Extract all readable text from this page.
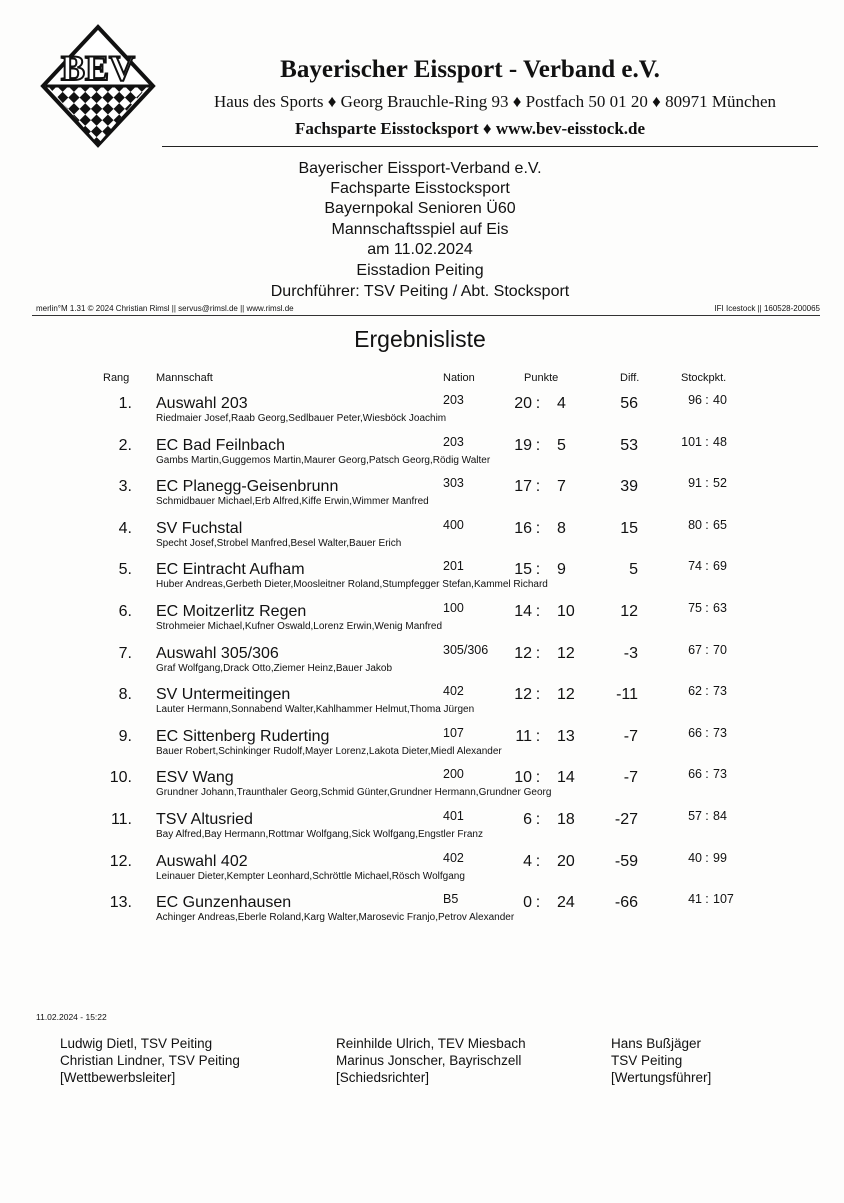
BEV	Bayerischer Eissport - Verband e.V.
Haus des Sports ♦ Georg Brauchle-Ring 93 ♦ Postfach 50 01 20 ♦ 80971 München
Fachsparte Eisstocksport ♦ www.bev-eisstock.de
Bayerischer Eissport-Verband e.V.
Fachsparte Eisstocksport
Bayernpokal Senioren Ü60
Mannschaftsspiel auf Eis
am 11.02.2024
Eisstadion Peiting
Durchführer: TSV Peiting / Abt. Stocksport
merlin°M 1.31 © 2024 Christian Rimsl || servus@rimsl.de || www.rimsl.de	IFI Icestock || 160528-200065
Ergebnisliste
Rang Mannschaft	Nation	Punkte	Diff.	Stockpkt.
1. Auswahl 203	203	20 : 4	56	96 : 40
Riedmaier Josef,Raab Georg,Sedlbauer Peter,Wiesböck Joachim
2. EC Bad Feilnbach	203	19 : 5	53	101 : 48
Gambs Martin,Guggemos Martin,Maurer Georg,Patsch Georg,Rödig Walter
3. EC Planegg-Geisenbrunn	303	17 : 7	39	91 : 52
Schmidbauer Michael,Erb Alfred,Kiffe Erwin,Wimmer Manfred
4. SV Fuchstal	400	16 : 8	15	80 : 65
Specht Josef,Strobel Manfred,Besel Walter,Bauer Erich
5. EC Eintracht Aufham	201	15 : 9	5	74 : 69
Huber Andreas,Gerbeth Dieter,Moosleitner Roland,Stumpfegger Stefan,Kammel Richard
6. EC Moitzerlitz Regen	100	14 : 10	12	75 : 63
Strohmeier Michael,Kufner Oswald,Lorenz Erwin,Wenig Manfred
7. Auswahl 305/306	305/306	12 : 12	-3	67 : 70
Graf Wolfgang,Drack Otto,Ziemer Heinz,Bauer Jakob
8. SV Untermeitingen	402	12 : 12	-11	62 : 73
Lauter Hermann,Sonnabend Walter,Kahlhammer Helmut,Thoma Jürgen
9. EC Sittenberg Ruderting	107	11 : 13	-7	66 : 73
Bauer Robert,Schinkinger Rudolf,Mayer Lorenz,Lakota Dieter,Miedl Alexander
10. ESV Wang	200	10 : 14	-7	66 : 73
Grundner Johann,Traunthaler Georg,Schmid Günter,Grundner Hermann,Grundner Georg
11. TSV Altusried	401	6 : 18	-27	57 : 84
Bay Alfred,Bay Hermann,Rottmar Wolfgang,Sick Wolfgang,Engstler Franz
12. Auswahl 402	402	4 : 20	-59	40 : 99
Leinauer Dieter,Kempter Leonhard,Schröttle Michael,Rösch Wolfgang
13. EC Gunzenhausen	B5	0 : 24	-66	41 : 107
Achinger Andreas,Eberle Roland,Karg Walter,Marosevic Franjo,Petrov Alexander
11.02.2024 - 15:22
Ludwig Dietl, TSV Peiting
Christian Lindner, TSV Peiting
[Wettbewerbsleiter]
Reinhilde Ulrich, TEV Miesbach
Marinus Jonscher, Bayrischzell
[Schiedsrichter]
Hans Bußjäger
TSV Peiting
[Wertungsführer]
